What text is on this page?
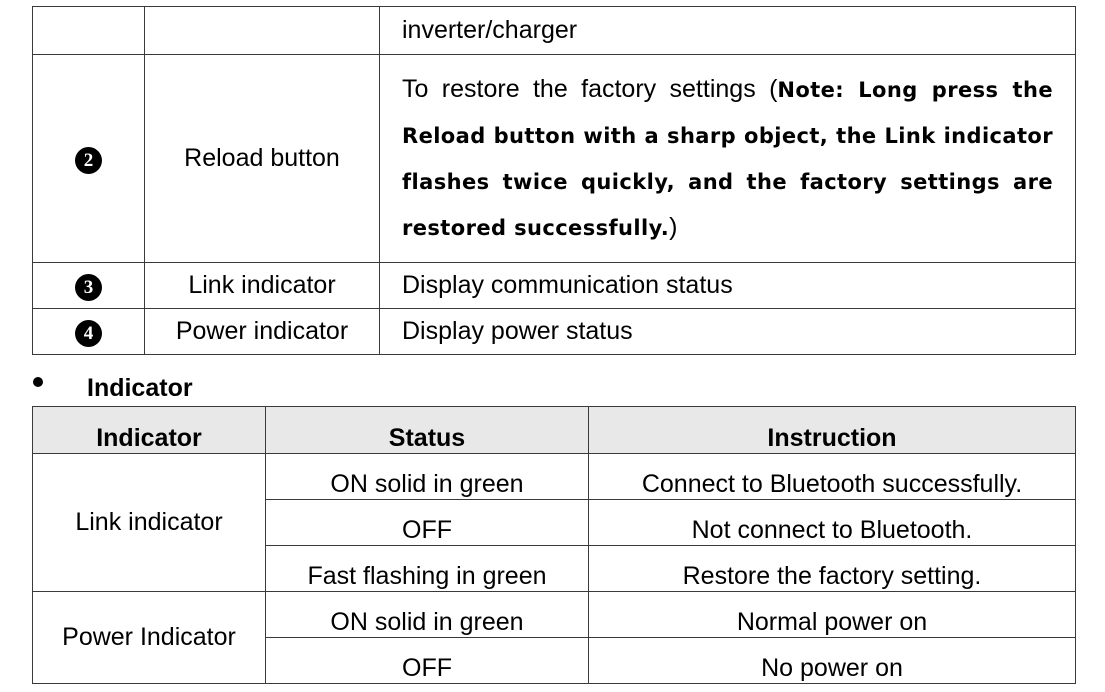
		inverter/charger
2	Reload button	To restore the factory settings (Note: Long press the Reload button with a sharp object, the Link indicator flashes twice quickly, and the factory settings are restored successfully.)
3	Link indicator	Display communication status
4	Power indicator	Display power status
Indicator
Indicator	Status	Instruction
Link indicator	ON solid in green	Connect to Bluetooth successfully.
	OFF	Not connect to Bluetooth.
	Fast flashing in green	Restore the factory setting.
Power Indicator	ON solid in green	Normal power on
	OFF	No power on
